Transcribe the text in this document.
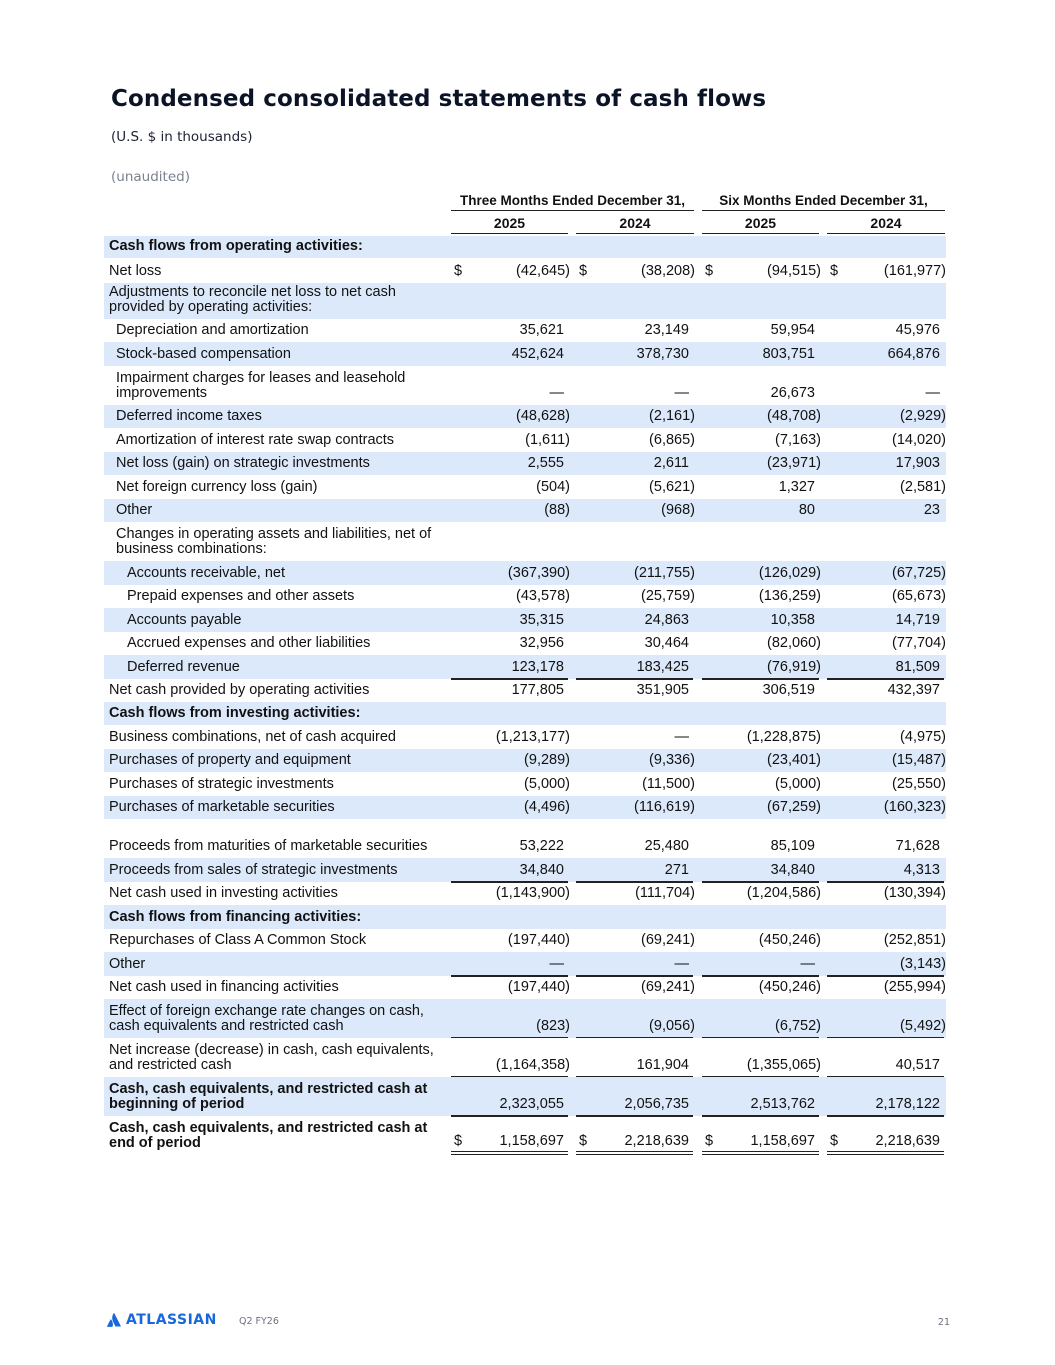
Condensed consolidated statements of cash flows
(U.S. $ in thousands)
(unaudited)
Three Months Ended December 31,	Six Months Ended December 31,
2025	2024	2025	2024
Cash flows from operating activities:
Net loss	$	(42,645) $	(38,208) $	(94,515) $	(161,977)
Adjustments to reconcile net loss to net cash provided by operating activities:
Depreciation and amortization	35,621	23,149	59,954	45,976
Stock-based compensation	452,624	378,730	803,751	664,876
Impairment charges for leases and leasehold improvements	—	—	26,673	—
Deferred income taxes	(48,628)	(2,161)	(48,708)	(2,929)
Amortization of interest rate swap contracts	(1,611)	(6,865)	(7,163)	(14,020)
Net loss (gain) on strategic investments	2,555	2,611	(23,971)	17,903
Net foreign currency loss (gain)	(504)	(5,621)	1,327	(2,581)
Other	(88)	(968)	80	23
Changes in operating assets and liabilities, net of business combinations:
Accounts receivable, net	(367,390)	(211,755)	(126,029)	(67,725)
Prepaid expenses and other assets	(43,578)	(25,759)	(136,259)	(65,673)
Accounts payable	35,315	24,863	10,358	14,719
Accrued expenses and other liabilities	32,956	30,464	(82,060)	(77,704)
Deferred revenue	123,178	183,425	(76,919)	81,509
Net cash provided by operating activities	177,805	351,905	306,519	432,397
Cash flows from investing activities:
Business combinations, net of cash acquired	(1,213,177)	—	(1,228,875)	(4,975)
Purchases of property and equipment	(9,289)	(9,336)	(23,401)	(15,487)
Purchases of strategic investments	(5,000)	(11,500)	(5,000)	(25,550)
Purchases of marketable securities	(4,496)	(116,619)	(67,259)	(160,323)
Proceeds from maturities of marketable securities	53,222	25,480	85,109	71,628
Proceeds from sales of strategic investments	34,840	271	34,840	4,313
Net cash used in investing activities	(1,143,900)	(111,704)	(1,204,586)	(130,394)
Cash flows from financing activities:
Repurchases of Class A Common Stock	(197,440)	(69,241)	(450,246)	(252,851)
Other	—	—	—	(3,143)
Net cash used in financing activities	(197,440)	(69,241)	(450,246)	(255,994)
Effect of foreign exchange rate changes on cash, cash equivalents and restricted cash	(823)	(9,056)	(6,752)	(5,492)
Net increase (decrease) in cash, cash equivalents, and restricted cash	(1,164,358)	161,904	(1,355,065)	40,517
Cash, cash equivalents, and restricted cash at beginning of period	2,323,055	2,056,735	2,513,762	2,178,122
Cash, cash equivalents, and restricted cash at end of period	$	1,158,697 $	2,218,639 $	1,158,697 $	2,218,639
ATLASSIAN Q2 FY26	21
